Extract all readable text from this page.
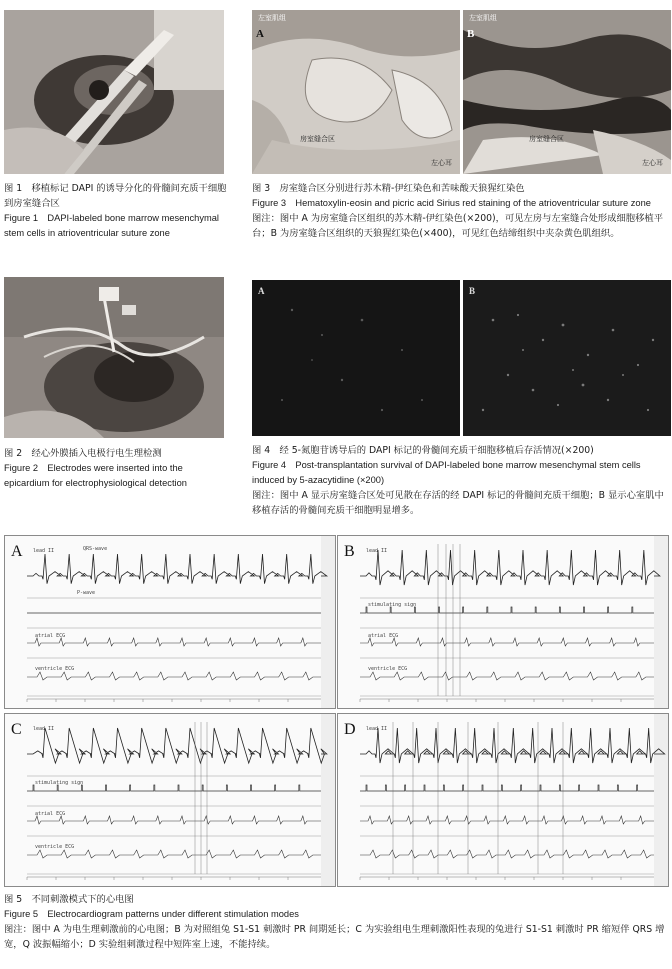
图 1　移植标记 DAPI 的诱导分化的骨髓间充质干细胞到房室缝合区

Figure 1　DAPI-labeled bone marrow mesenchymal stem cells in atrioventricular suture zone

图 2　经心外膜插入电极行电生理检测

Figure 2　Electrodes were inserted into the epicardium for electrophysiological detection

A
左室肌组
房室缝合区
左心耳
B
左室肌组
房室缝合区
左心耳

图 3　房室缝合区分别进行苏木精-伊红染色和苦味酸天狼猩红染色

Figure 3　Hematoxylin-eosin and picric acid Sirius red staining of the atrioventricular suture zone

图注：图中 A 为房室缝合区组织的苏木精-伊红染色(×200)，可见左房与左室缝合处形成细胞移植平台；B 为房室缝合区组织的天狼猩红染色(×400)，可见红色结缔组织中夹杂黄色肌组织。

A	B

图 4　经 5-氮胞苷诱导后的 DAPI 标记的骨髓间充质干细胞移植后存活情况(×200)

Figure 4　Post-transplantation survival of DAPI-labeled bone marrow mesenchymal stem cells induced by 5-azacytidine (×200)

图注：图中 A 显示房室缝合区处可见散在存活的经 DAPI 标记的骨髓间充质干细胞；B 显示心室肌中移植存活的骨髓间充质干细胞明显增多。

A lead II
atrial ECG
ventricle ECG
QRS-wave
P-wave
B lead II
stimulating sign
atrial ECG
ventricle ECG
C lead II
stimulating sign
atrial ECG
ventricle ECG
D lead II

图 5　不同刺激模式下的心电图

Figure 5　Electrocardiogram patterns under different stimulation modes

图注：图中 A 为电生理刺激前的心电图；B 为对照组兔 S1-S1 刺激时 PR 间期延长；C 为实验组电生理刺激阳性表现的兔进行 S1-S1 刺激时 PR 缩短伴 QRS 增宽，Q 波振幅缩小；D 实验组刺激过程中短阵室上速，不能持续。
